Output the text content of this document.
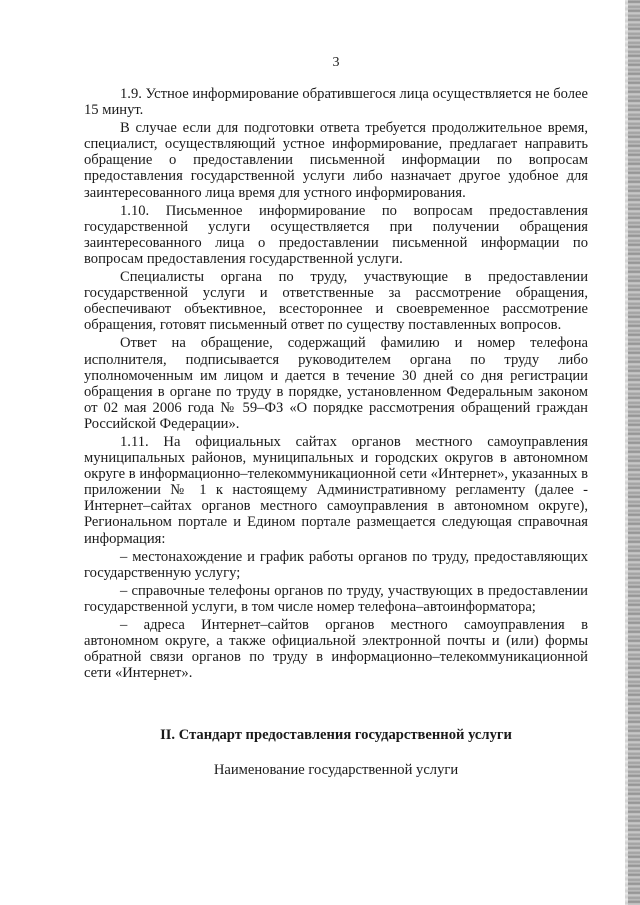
3

1.9. Устное информирование обратившегося лица осуществляется не более 15 минут.

В случае если для подготовки ответа требуется продолжительное время, специалист, осуществляющий устное информирование, предлагает направить обращение о предоставлении письменной информации по вопросам предоставления государственной услуги либо назначает другое удобное для заинтересованного лица время для устного информирования.

1.10. Письменное информирование по вопросам предоставления государственной услуги осуществляется при получении обращения заинтересованного лица о предоставлении письменной информации по вопросам предоставления государственной услуги.

Специалисты органа по труду, участвующие в предоставлении государственной услуги и ответственные за рассмотрение обращения, обеспечивают объективное, всестороннее и своевременное рассмотрение обращения, готовят письменный ответ по существу поставленных вопросов.

Ответ на обращение, содержащий фамилию и номер телефона исполнителя, подписывается руководителем органа по труду либо уполномоченным им лицом и дается в течение 30 дней со дня регистрации обращения в органе по труду в порядке, установленном Федеральным законом от 02 мая 2006 года № 59–ФЗ «О порядке рассмотрения обращений граждан Российской Федерации».

1.11. На официальных сайтах органов местного самоуправления муниципальных районов, муниципальных и городских округов в автономном округе в информационно–телекоммуникационной сети «Интернет», указанных в приложении № 1 к настоящему Административному регламенту (далее - Интернет–сайтах органов местного самоуправления в автономном округе), Региональном портале и Едином портале размещается следующая справочная информация:

– местонахождение и график работы органов по труду, предоставляющих государственную услугу;

– справочные телефоны органов по труду, участвующих в предоставлении государственной услуги, в том числе номер телефона–автоинформатора;

– адреса Интернет–сайтов органов местного самоуправления в автономном округе, а также официальной электронной почты и (или) формы обратной связи органов по труду в информационно–телекоммуникационной сети «Интернет».

II. Стандарт предоставления государственной услуги
Наименование государственной услуги
